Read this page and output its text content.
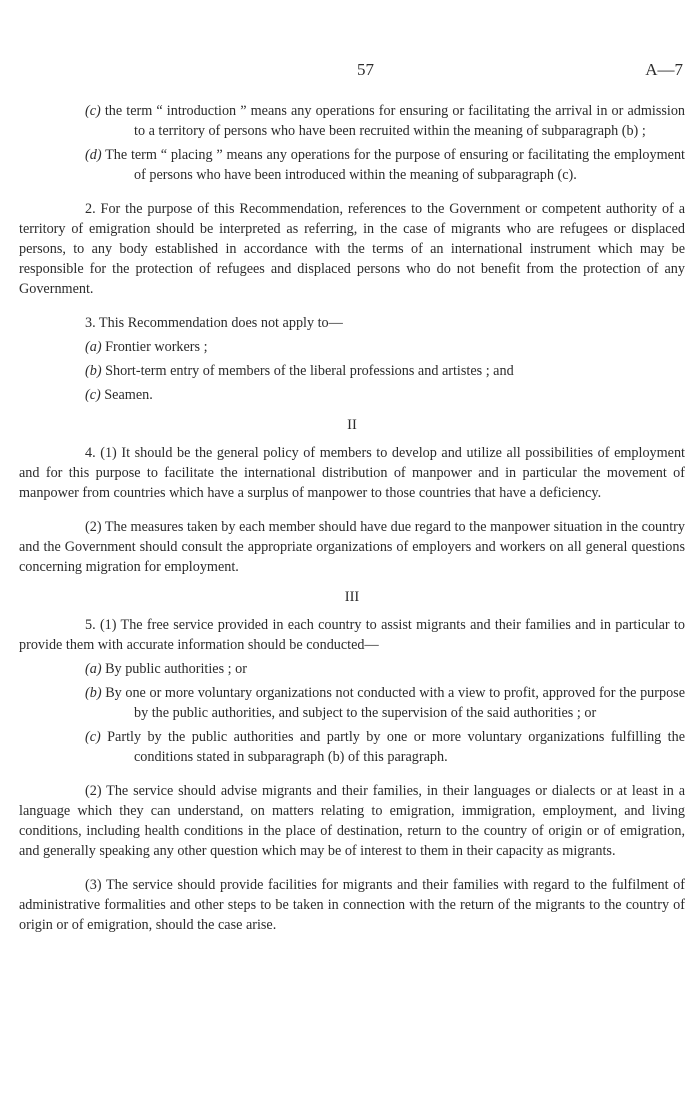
57	A—7

(c) the term “ introduction ” means any operations for ensuring or facilitating the arrival in or admission to a territory of persons who have been recruited within the meaning of subparagraph (b) ;

(d) The term “ placing ” means any operations for the purpose of ensuring or facilitating the employment of persons who have been introduced within the meaning of subparagraph (c).

2. For the purpose of this Recommendation, references to the Government or competent authority of a territory of emigration should be interpreted as referring, in the case of migrants who are refugees or displaced persons, to any body established in accordance with the terms of an international instrument which may be responsible for the protection of refugees and displaced persons who do not benefit from the protection of any Government.

3. This Recommendation does not apply to—

(a) Frontier workers ;

(b) Short-term entry of members of the liberal professions and artistes ; and

(c) Seamen.

II

4. (1) It should be the general policy of members to develop and utilize all possibilities of employment and for this purpose to facilitate the international distribution of manpower and in particular the movement of manpower from countries which have a surplus of manpower to those countries that have a deficiency.

(2) The measures taken by each member should have due regard to the manpower situation in the country and the Government should consult the appropriate organizations of employers and workers on all general questions concerning migration for employment.

III

5. (1) The free service provided in each country to assist migrants and their families and in particular to provide them with accurate information should be conducted—

(a) By public authorities ; or

(b) By one or more voluntary organizations not conducted with a view to profit, approved for the purpose by the public authorities, and subject to the supervision of the said authorities ; or

(c) Partly by the public authorities and partly by one or more voluntary organizations fulfilling the conditions stated in subparagraph (b) of this paragraph.

(2) The service should advise migrants and their families, in their languages or dialects or at least in a language which they can understand, on matters relating to emigration, immigration, employment, and living conditions, including health conditions in the place of destination, return to the country of origin or of emigration, and generally speaking any other question which may be of interest to them in their capacity as migrants.

(3) The service should provide facilities for migrants and their families with regard to the fulfilment of administrative formalities and other steps to be taken in connection with the return of the migrants to the country of origin or of emigration, should the case arise.
